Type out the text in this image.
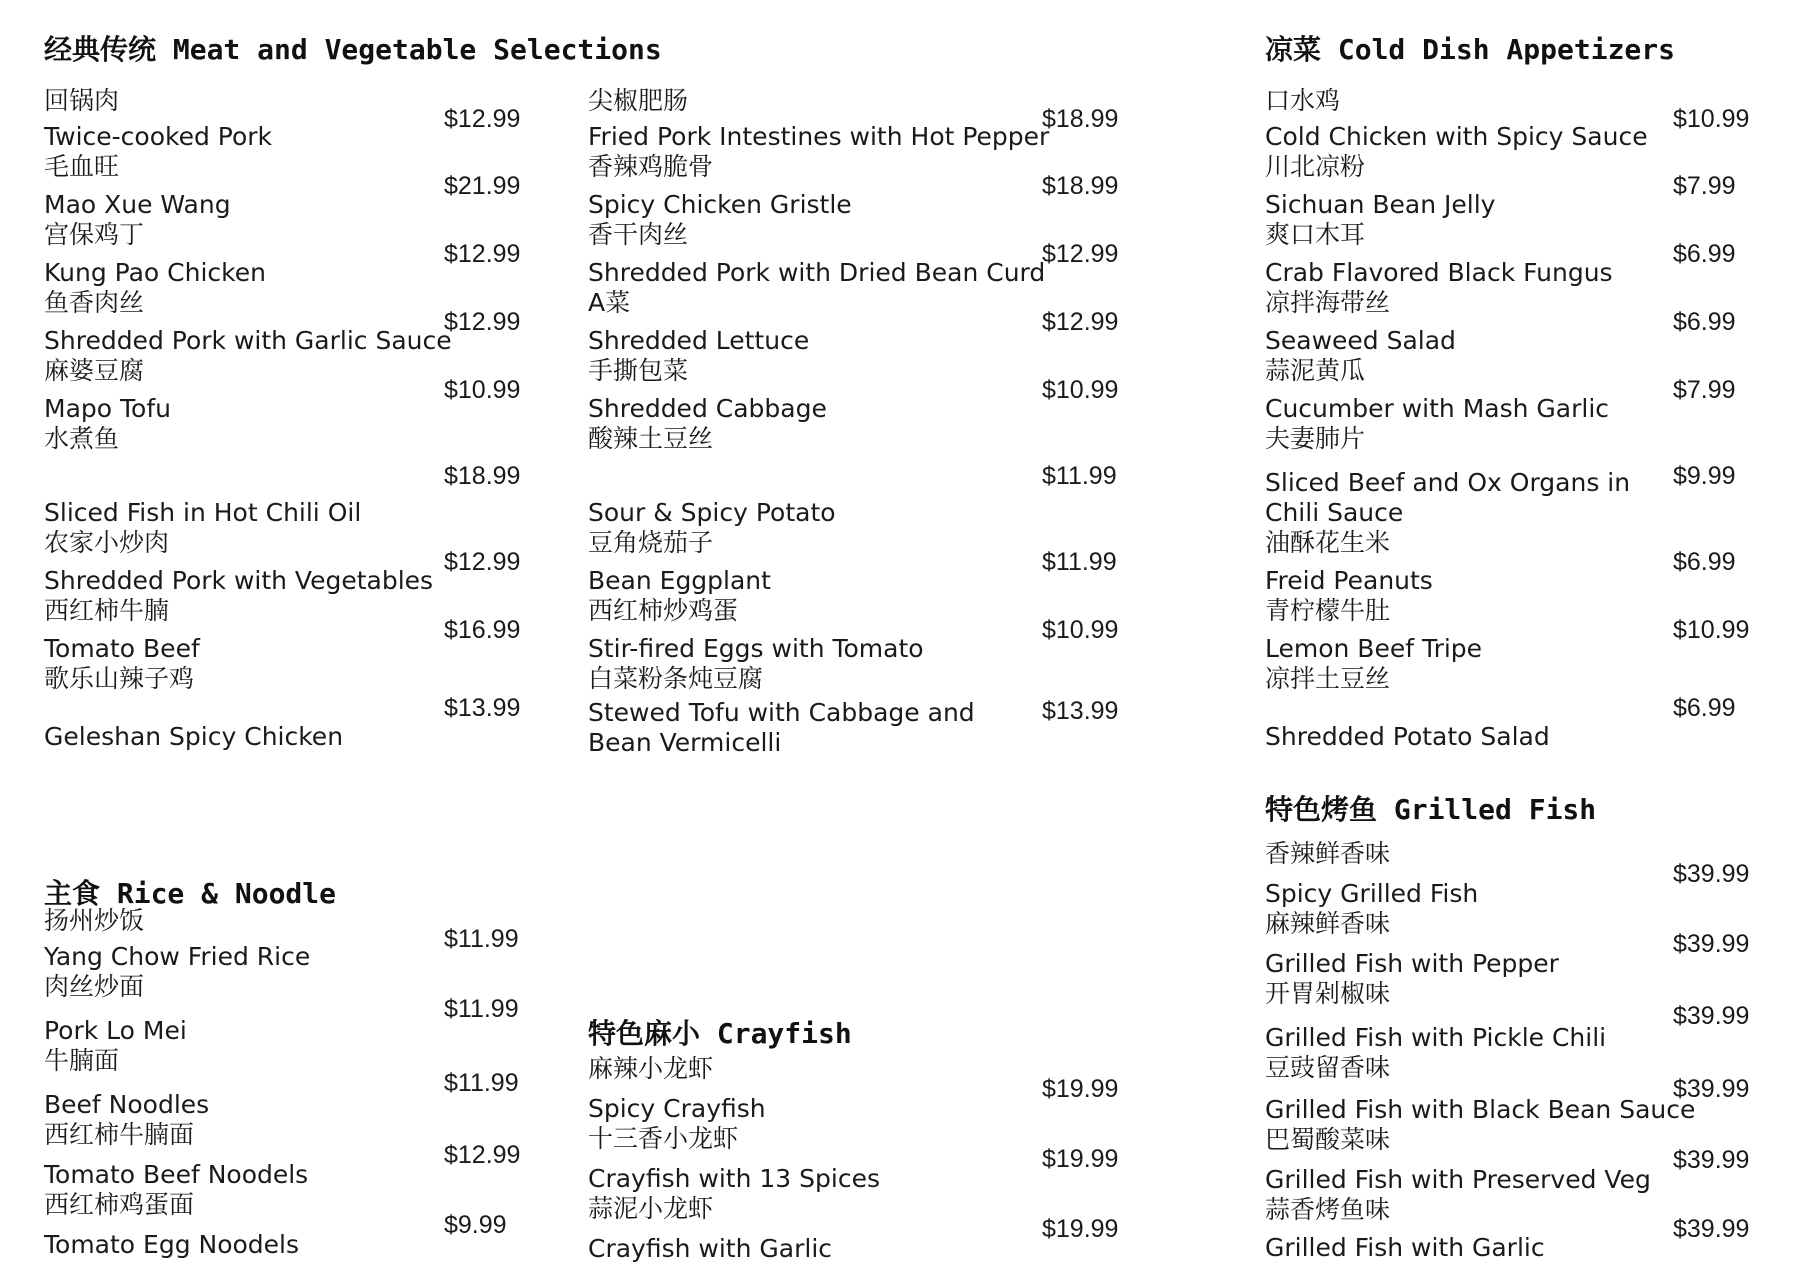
经典传统 Meat and Vegetable Selections	凉菜 Cold Dish Appetizers
特色烤鱼 Grilled Fish
主食 Rice & Noodle
特色麻小 Crayfish
回锅肉
Twice-cooked Pork
$12.99
毛血旺
Mao Xue Wang
$21.99
宫保鸡丁
Kung Pao Chicken
$12.99
鱼香肉丝
Shredded Pork with Garlic Sauce
$12.99
麻婆豆腐
Mapo Tofu
$10.99
水煮鱼
Sliced Fish in Hot Chili Oil
$18.99
农家小炒肉
Shredded Pork with Vegetables
$12.99
西红柿牛腩
Tomato Beef
$16.99
歌乐山辣子鸡
Geleshan Spicy Chicken
$13.99
尖椒肥肠
Fried Pork Intestines with Hot Pepper
$18.99
香辣鸡脆骨
Spicy Chicken Gristle
$18.99
香干肉丝
Shredded Pork with Dried Bean Curd
$12.99
A菜
Shredded Lettuce
$12.99
手撕包菜
Shredded Cabbage
$10.99
酸辣土豆丝
Sour & Spicy Potato
$11.99
豆角烧茄子
Bean Eggplant
$11.99
西红柿炒鸡蛋
Stir-fired Eggs with Tomato
$10.99
白菜粉条炖豆腐
Stewed Tofu with Cabbage and Bean Vermicelli
$13.99
口水鸡
Cold Chicken with Spicy Sauce
$10.99
川北凉粉
Sichuan Bean Jelly
$7.99
爽口木耳
Crab Flavored Black Fungus
$6.99
凉拌海带丝
Seaweed Salad
$6.99
蒜泥黄瓜
Cucumber with Mash Garlic
$7.99
夫妻肺片
Sliced Beef and Ox Organs in Chili Sauce
$9.99
油酥花生米
Freid Peanuts
$6.99
青柠檬牛肚
Lemon Beef Tripe
$10.99
凉拌土豆丝
Shredded Potato Salad
$6.99
扬州炒饭
Yang Chow Fried Rice
$11.99
肉丝炒面
Pork Lo Mei
$11.99
牛腩面
Beef Noodles
$11.99
西红柿牛腩面
Tomato Beef Noodels
$12.99
西红柿鸡蛋面
Tomato Egg Noodels
$9.99
麻辣小龙虾
Spicy Crayfish
$19.99
十三香小龙虾
Crayfish with 13 Spices
$19.99
蒜泥小龙虾
Crayfish with Garlic
$19.99
香辣鲜香味
Spicy Grilled Fish
$39.99
麻辣鲜香味
Grilled Fish with Pepper
$39.99
开胃剁椒味
Grilled Fish with Pickle Chili
$39.99
豆豉留香味
Grilled Fish with Black Bean Sauce
$39.99
巴蜀酸菜味
Grilled Fish with Preserved Veg
$39.99
蒜香烤鱼味
Grilled Fish with Garlic
$39.99
